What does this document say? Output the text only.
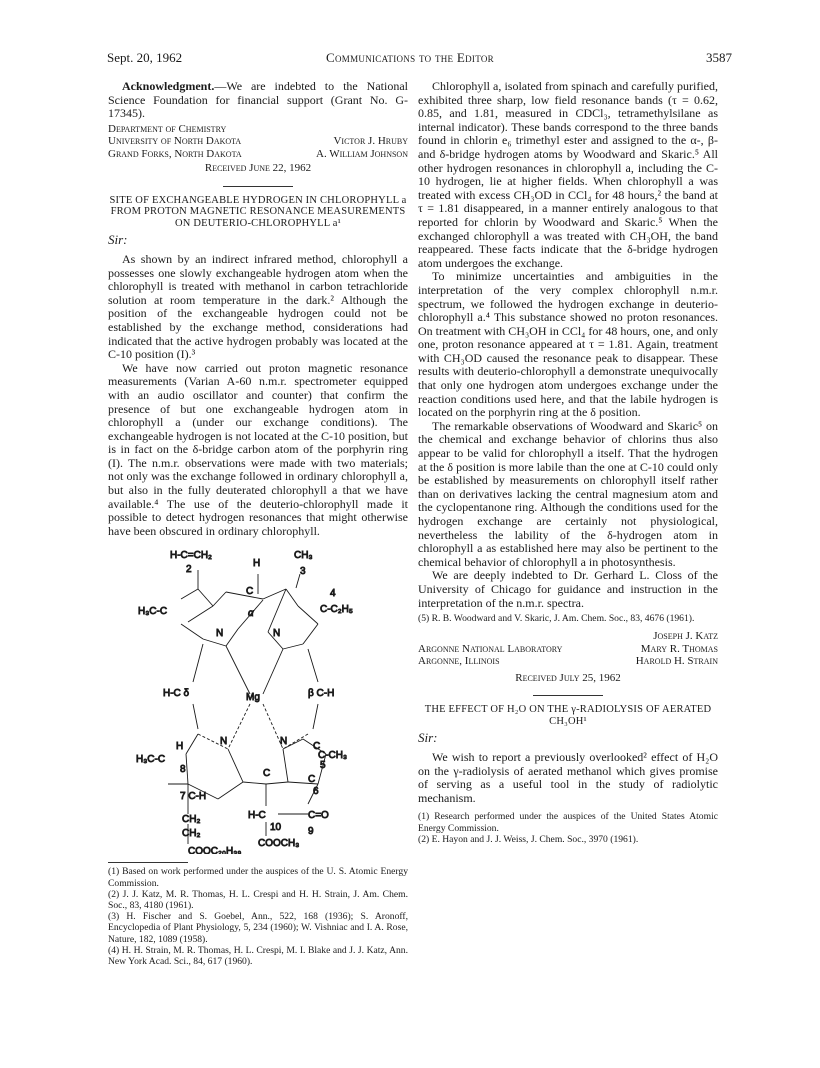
Sept. 20, 1962	Communications to the Editor	3587

Acknowledgment.—We are indebted to the National Science Foundation for financial support (Grant No. G-17345).

Department of Chemistry
University of North Dakota	Victor J. Hruby
Grand Forks, North Dakota	A. William Johnson
Received June 22, 1962
SITE OF EXCHANGEABLE HYDROGEN IN CHLOROPHYLL a FROM PROTON MAGNETIC RESONANCE MEASUREMENTS ON DEUTERIO-CHLOROPHYLL a¹
Sir:

As shown by an indirect infrared method, chlorophyll a possesses one slowly exchangeable hydrogen atom when the chlorophyll is treated with methanol in carbon tetrachloride solution at room temperature in the dark.² Although the position of the exchangeable hydrogen could not be established by the exchange method, considerations had indicated that the active hydrogen probably was located at the C-10 position (I).³

We have now carried out proton magnetic resonance measurements (Varian A-60 n.m.r. spectrometer equipped with an audio oscillator and counter) that confirm the presence of but one exchangeable hydrogen atom in chlorophyll a (under our exchange conditions). The exchangeable hydrogen is not located at the C-10 position, but is in fact on the δ-bridge carbon atom of the porphyrin ring (I). The n.m.r. observations were made with two materials; not only was the exchange followed in ordinary chlorophyll a, but also in the fully deuterated chlorophyll a that we have available.⁴ The use of the deuterio-chlorophyll made it possible to detect hydrogen resonances that might otherwise have been obscured in ordinary chlorophyll.

H-C=CH₂
2
H
CH₃
3
4
C-C₂H₅
H₃C-C	α
C
N	N
H-C δ	Mg	β C-H
N	N
H
8
H₃C-C
7 C-H
C
C
5
C-CH₃
C
6
CH₂
CH₂
H-C
10
C=O
9
COOCH₃
COOC₂₀H₃₉
(1) Based on work performed under the auspices of the U. S. Atomic Energy Commission.
(2) J. J. Katz, M. R. Thomas, H. L. Crespi and H. H. Strain, J. Am. Chem. Soc., 83, 4180 (1961).
(3) H. Fischer and S. Goebel, Ann., 522, 168 (1936); S. Aronoff, Encyclopedia of Plant Physiology, 5, 234 (1960); W. Vishniac and I. A. Rose, Nature, 182, 1089 (1958).
(4) H. H. Strain, M. R. Thomas, H. L. Crespi, M. I. Blake and J. J. Katz, Ann. New York Acad. Sci., 84, 617 (1960).

Chlorophyll a, isolated from spinach and carefully purified, exhibited three sharp, low field resonance bands (τ = 0.62, 0.85, and 1.81, measured in CDCl₃, tetramethylsilane as internal indicator). These bands correspond to the three bands found in chlorin e₆ trimethyl ester and assigned to the α-, β- and δ-bridge hydrogen atoms by Woodward and Skaric.⁵ All other hydrogen resonances in chlorophyll a, including the C-10 hydrogen, lie at higher fields. When chlorophyll a was treated with excess CH₃OD in CCl₄ for 48 hours,² the band at τ = 1.81 disappeared, in a manner entirely analogous to that reported for chlorin by Woodward and Skaric.⁵ When the exchanged chlorophyll a was treated with CH₃OH, the band reappeared. These facts indicate that the δ-bridge hydrogen atom undergoes the exchange.

To minimize uncertainties and ambiguities in the interpretation of the very complex chlorophyll n.m.r. spectrum, we followed the hydrogen exchange in deuterio-chlorophyll a.⁴ This substance showed no proton resonances. On treatment with CH₃OH in CCl₄ for 48 hours, one, and only one, proton resonance appeared at τ = 1.81. Again, treatment with CH₃OD caused the resonance peak to disappear. These results with deuterio-chlorophyll a demonstrate unequivocally that only one hydrogen atom undergoes exchange under the reaction conditions used here, and that the labile hydrogen is located on the porphyrin ring at the δ position.

The remarkable observations of Woodward and Skaric⁵ on the chemical and exchange behavior of chlorins thus also appear to be valid for chlorophyll a itself. That the hydrogen at the δ position is more labile than the one at C-10 could only be established by measurements on chlorophyll itself rather than on derivatives lacking the central magnesium atom and the cyclopentanone ring. Although the conditions used for the hydrogen exchange are certainly not physiological, nevertheless the lability of the δ-hydrogen atom in chlorophyll a as established here may also be pertinent to the chemical behavior of chlorophyll a in photosynthesis.

We are deeply indebted to Dr. Gerhard L. Closs of the University of Chicago for guidance and instruction in the interpretation of the n.m.r. spectra.

(5) R. B. Woodward and V. Skaric, J. Am. Chem. Soc., 83, 4676 (1961).
Joseph J. Katz
Argonne National Laboratory	Mary R. Thomas
Argonne, Illinois	Harold H. Strain
Received July 25, 1962
THE EFFECT OF H₂O ON THE γ-RADIOLYSIS OF AERATED CH₃OH¹
Sir:

We wish to report a previously overlooked² effect of H₂O on the γ-radiolysis of aerated methanol which gives promise of serving as a useful tool in the study of radiolytic mechanism.

(1) Research performed under the auspices of the United States Atomic Energy Commission.
(2) E. Hayon and J. J. Weiss, J. Chem. Soc., 3970 (1961).
